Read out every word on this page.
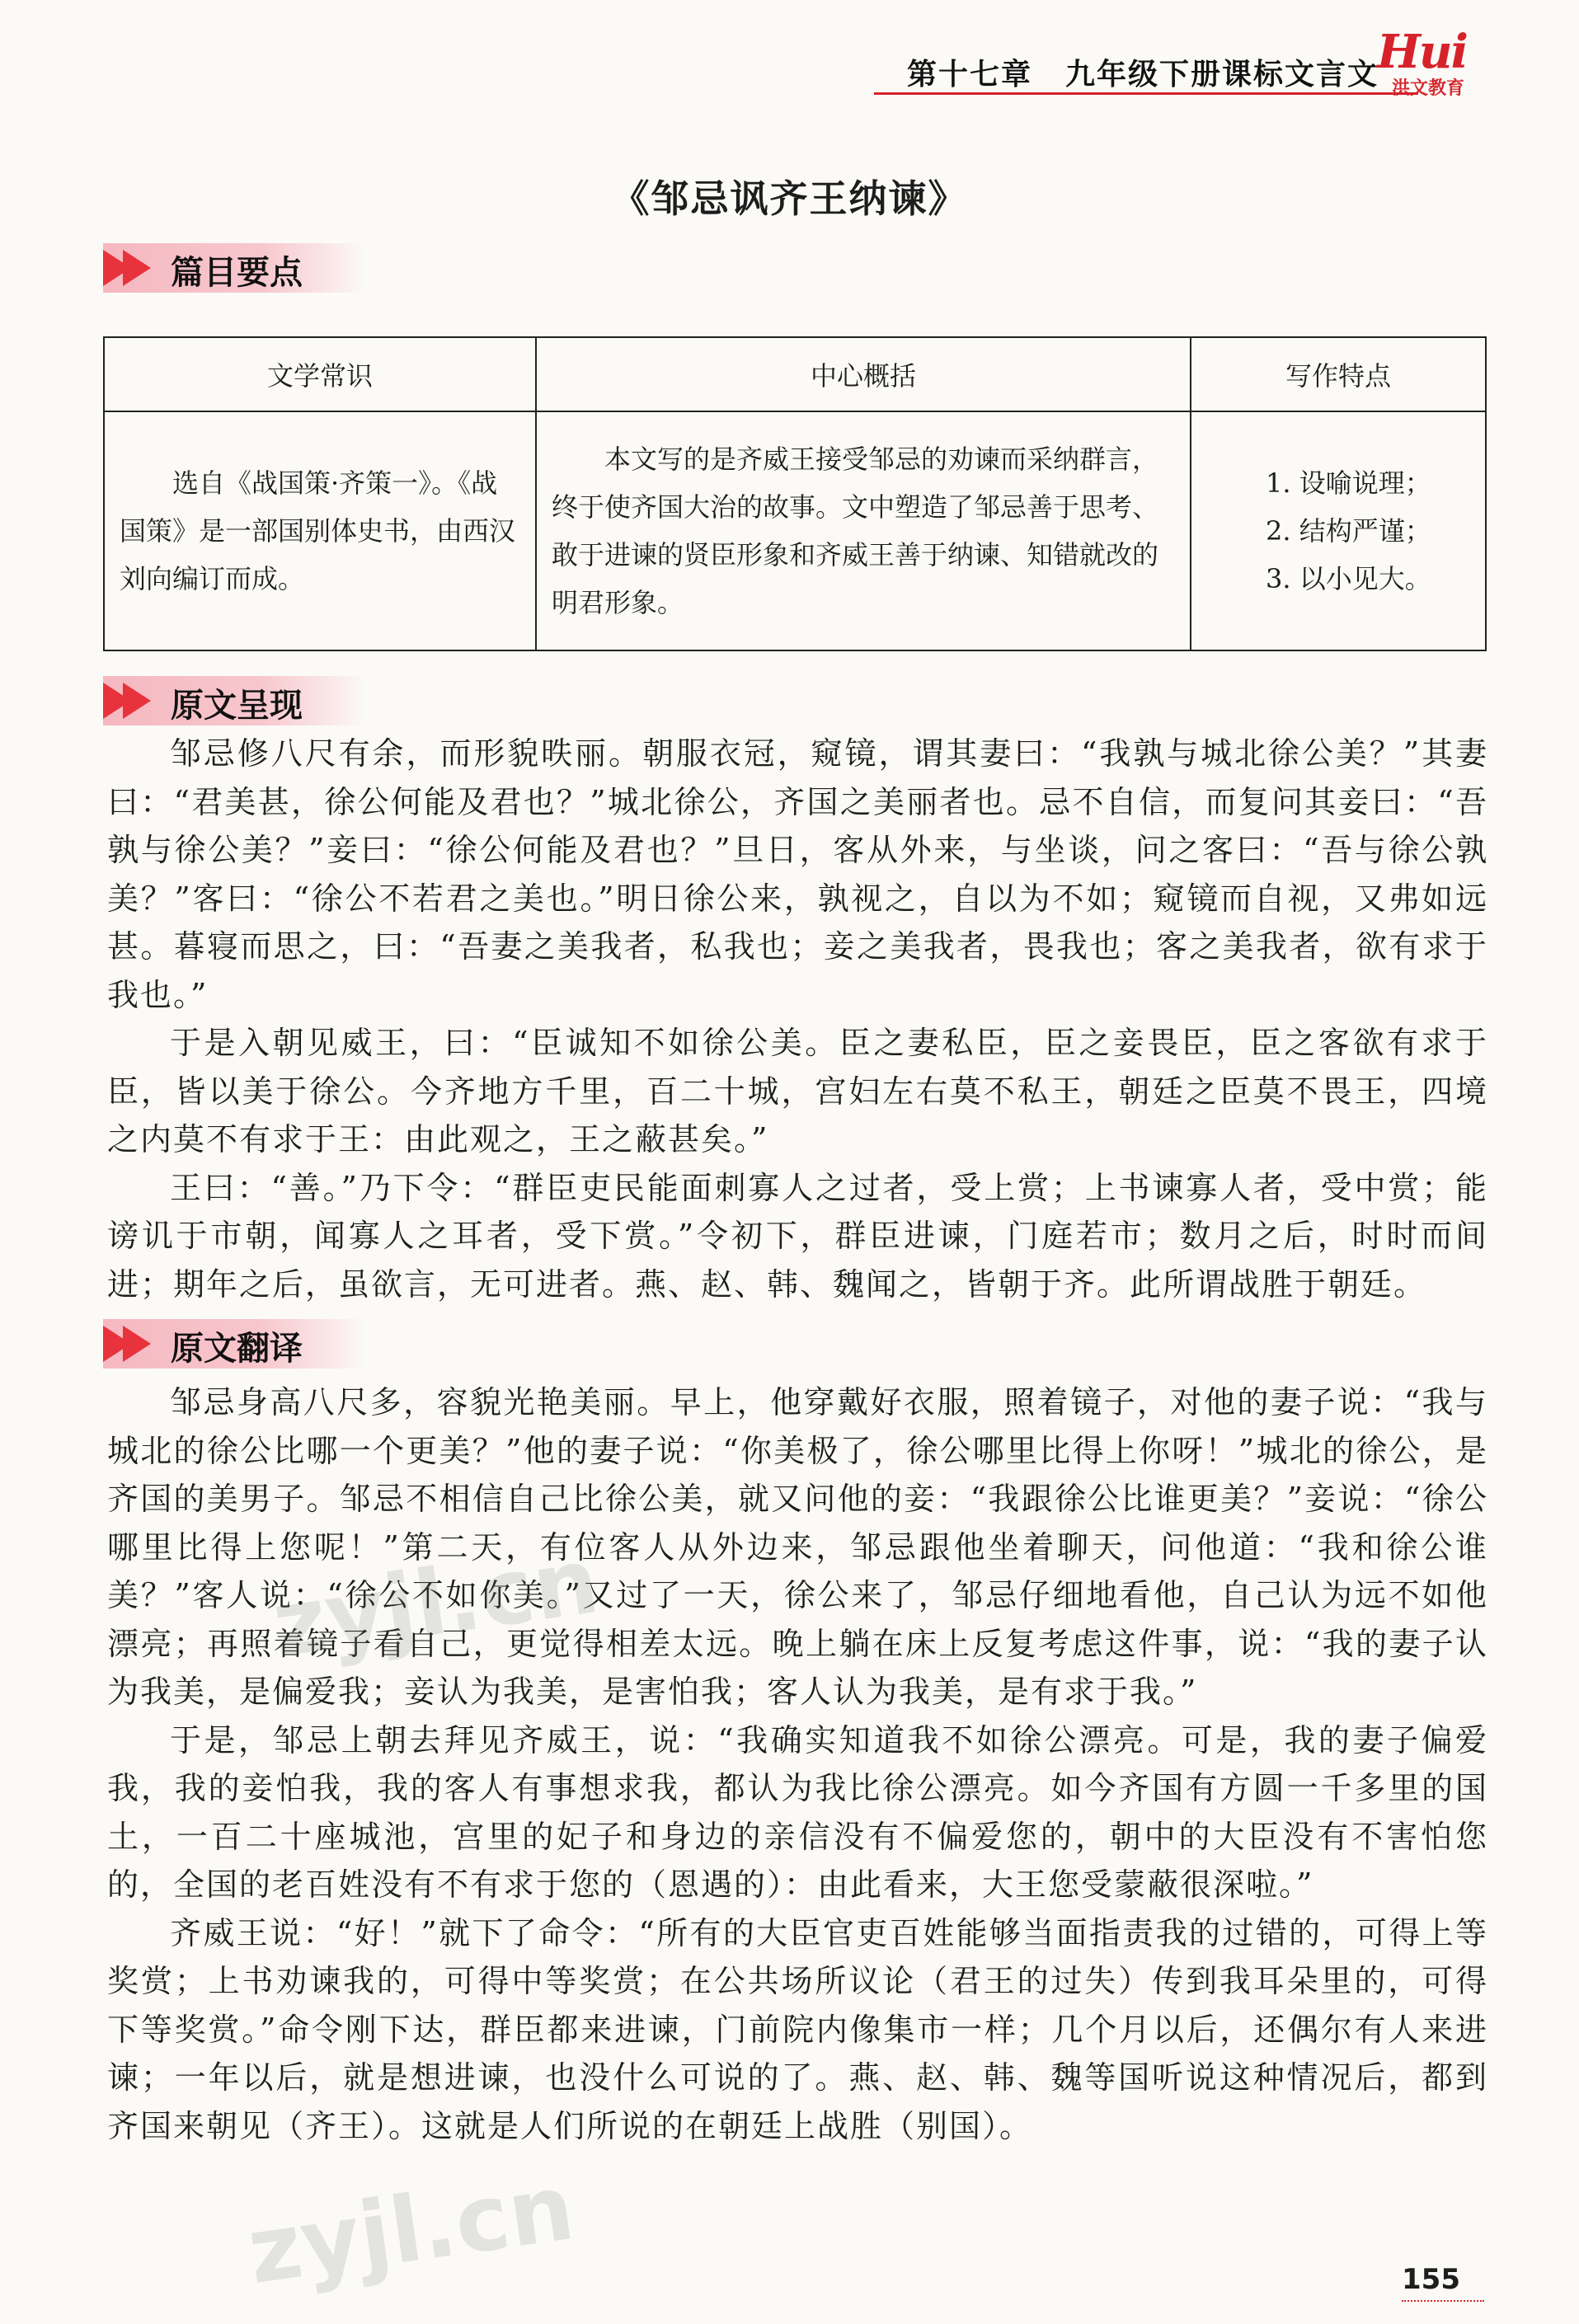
第十七章 九年级下册课标文言文
Hui
洪文教育
《邹忌讽齐王纳谏》
篇目要点
文学常识	中心概括	写作特点
选自《战国策·齐策一》。《战国策》是一部国别体史书，由西汉刘向编订而成。	本文写的是齐威王接受邹忌的劝谏而采纳群言，终于使齐国大治的故事。文中塑造了邹忌善于思考、敢于进谏的贤臣形象和齐威王善于纳谏、知错就改的明君形象。	1. 设喻说理；
2. 结构严谨；
3. 以小见大。
原文呈现

邹忌修八尺有余，而形貌昳丽。朝服衣冠，窥镜，谓其妻曰：“我孰与城北徐公美？”其妻曰：“君美甚，徐公何能及君也？”城北徐公，齐国之美丽者也。忌不自信，而复问其妾曰：“吾孰与徐公美？”妾曰：“徐公何能及君也？”旦日，客从外来，与坐谈，问之客曰：“吾与徐公孰美？”客曰：“徐公不若君之美也。”明日徐公来，孰视之，自以为不如；窥镜而自视，又弗如远甚。暮寝而思之，曰：“吾妻之美我者，私我也；妾之美我者，畏我也；客之美我者，欲有求于我也。”

于是入朝见威王，曰：“臣诚知不如徐公美。臣之妻私臣，臣之妾畏臣，臣之客欲有求于臣，皆以美于徐公。今齐地方千里，百二十城，宫妇左右莫不私王，朝廷之臣莫不畏王，四境之内莫不有求于王：由此观之，王之蔽甚矣。”

王曰：“善。”乃下令：“群臣吏民能面刺寡人之过者，受上赏；上书谏寡人者，受中赏；能谤讥于市朝，闻寡人之耳者，受下赏。”令初下，群臣进谏，门庭若市；数月之后，时时而间进；期年之后，虽欲言，无可进者。燕、赵、韩、魏闻之，皆朝于齐。此所谓战胜于朝廷。

原文翻译

邹忌身高八尺多，容貌光艳美丽。早上，他穿戴好衣服，照着镜子，对他的妻子说：“我与城北的徐公比哪一个更美？”他的妻子说：“你美极了，徐公哪里比得上你呀！”城北的徐公，是齐国的美男子。邹忌不相信自己比徐公美，就又问他的妾：“我跟徐公比谁更美？”妾说：“徐公哪里比得上您呢！”第二天，有位客人从外边来，邹忌跟他坐着聊天，问他道：“我和徐公谁美？”客人说：“徐公不如你美。”又过了一天，徐公来了，邹忌仔细地看他，自己认为远不如他漂亮；再照着镜子看自己，更觉得相差太远。晚上躺在床上反复考虑这件事，说：“我的妻子认为我美，是偏爱我；妾认为我美，是害怕我；客人认为我美，是有求于我。”

于是，邹忌上朝去拜见齐威王，说：“我确实知道我不如徐公漂亮。可是，我的妻子偏爱我，我的妾怕我，我的客人有事想求我，都认为我比徐公漂亮。如今齐国有方圆一千多里的国土，一百二十座城池，宫里的妃子和身边的亲信没有不偏爱您的，朝中的大臣没有不害怕您的，全国的老百姓没有不有求于您的（恩遇的）：由此看来，大王您受蒙蔽很深啦。”

齐威王说：“好！”就下了命令：“所有的大臣官吏百姓能够当面指责我的过错的，可得上等奖赏；上书劝谏我的，可得中等奖赏；在公共场所议论（君王的过失）传到我耳朵里的，可得下等奖赏。”命令刚下达，群臣都来进谏，门前院内像集市一样；几个月以后，还偶尔有人来进谏；一年以后，就是想进谏，也没什么可说的了。燕、赵、韩、魏等国听说这种情况后，都到齐国来朝见（齐王）。这就是人们所说的在朝廷上战胜（别国）。

zyjl.cn
zyjl.cn	155
